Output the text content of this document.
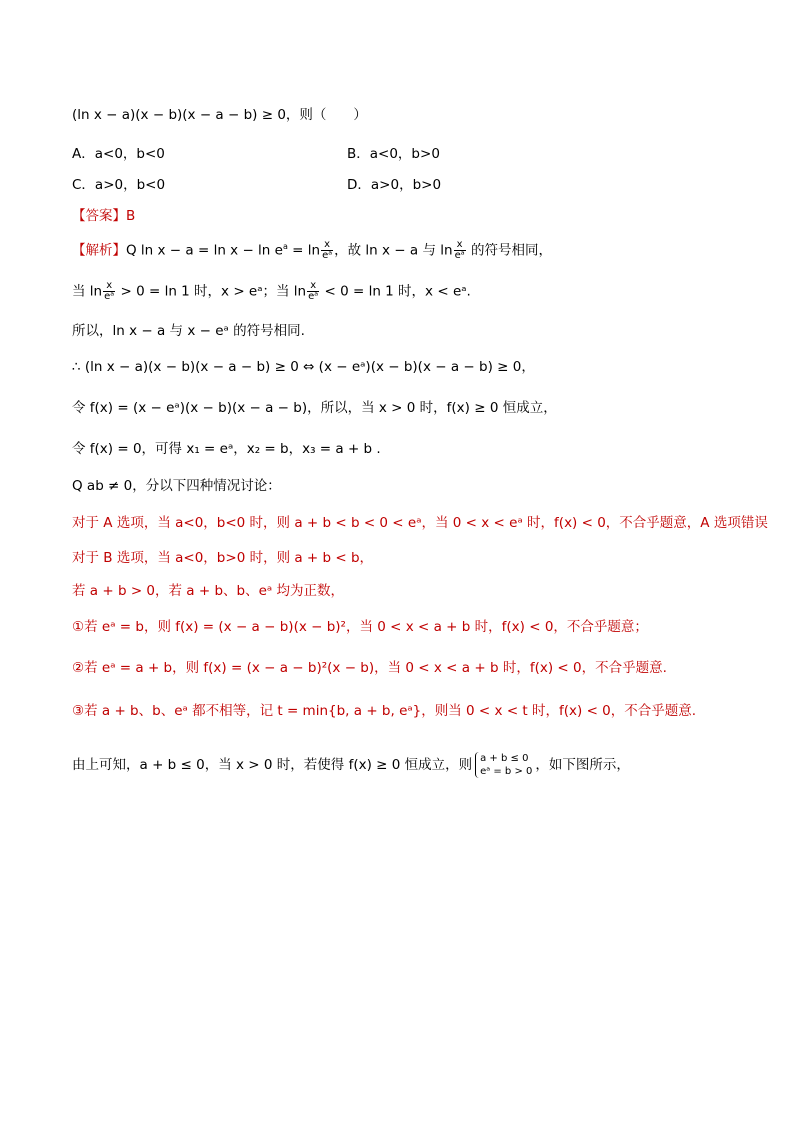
(ln x − a)(x − b)(x − a − b) ≥ 0，则（　　）
A．a<0，b<0	B．a<0，b>0
C．a>0，b<0	D．a>0，b>0
【答案】B
【解析】Q $\ln x - a = \ln x - \ln e^a = \ln \frac{x}{\text{eᵃ}}$ ，故 ln x − a 与 $\ln \frac{x}{\text{eᵃ}}$ 的符号相同，
当 $\ln \frac{x}{\text{eᵃ}} > 0 = \ln 1$ 时，x > eᵃ；当 $\ln \frac{x}{\text{eᵃ}} < 0 = \ln 1$ 时，x < eᵃ.
所以，ln x − a 与 x − eᵃ 的符号相同.
∴ (ln x − a)(x − b)(x − a − b) ≥ 0 ⇔ (x − eᵃ)(x − b)(x − a − b) ≥ 0，
令 f(x) = (x − eᵃ)(x − b)(x − a − b)，所以，当 x > 0 时，f(x) ≥ 0 恒成立，
令 f(x) = 0，可得 x₁ = eᵃ，x₂ = b，x₃ = a + b .
Q ab ≠ 0，分以下四种情况讨论：
对于 A 选项，当 a<0，b<0 时，则 a + b < b < 0 < eᵃ，当 0 < x < eᵃ 时，f(x) < 0，不合乎题意，A 选项错误
对于 B 选项，当 a<0，b>0 时，则 a + b < b，
若 a + b > 0，若 a + b、b、eᵃ 均为正数，
①若 eᵃ = b，则 f(x) = (x − a − b)(x − b)²，当 0 < x < a + b 时，f(x) < 0，不合乎题意；
②若 eᵃ = a + b，则 f(x) = (x − a − b)²(x − b)，当 0 < x < a + b 时，f(x) < 0，不合乎题意.
③若 a + b、b、eᵃ 都不相等，记 t = min{b, a + b, eᵃ}，则当 0 < x < t 时，f(x) < 0，不合乎题意.
由上可知，a + b ≤ 0，当 x > 0 时，若使得 f(x) ≥ 0 恒成立，则 a + b ≤ 0
eᵃ = b > 0 ，如下图所示，
